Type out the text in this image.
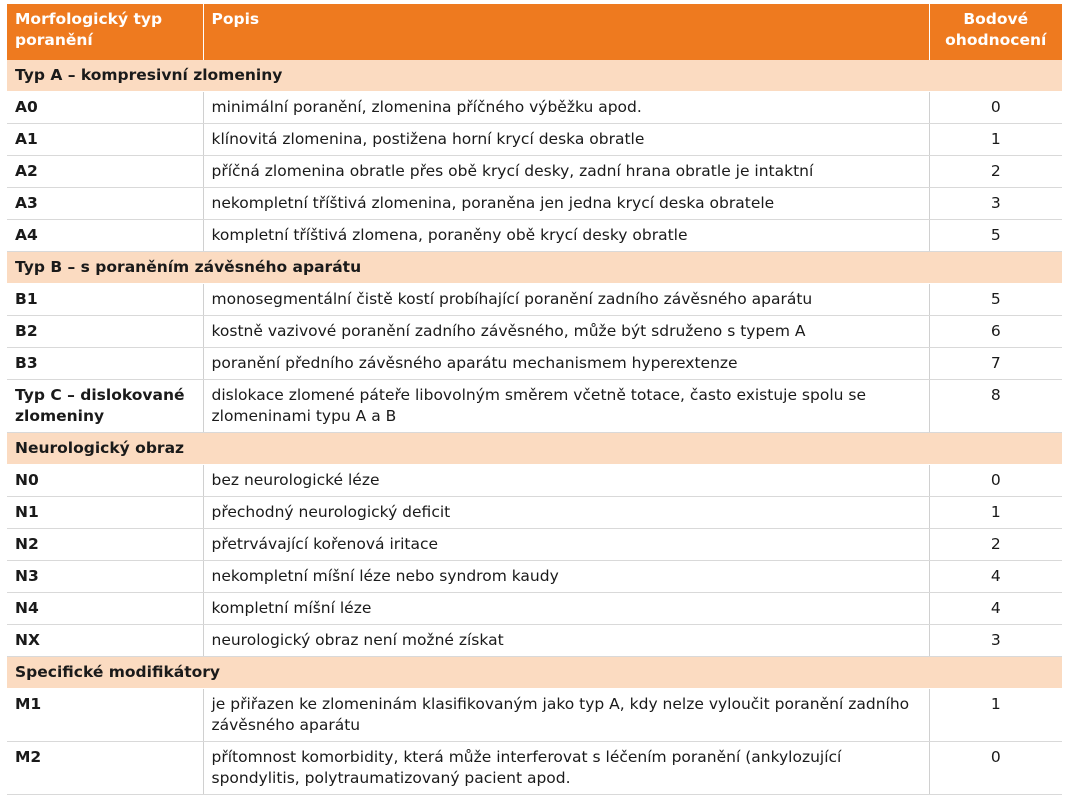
Morfologický typ poranění	Popis	Bodové ohodnocení
Typ A – kompresivní zlomeniny		
A0	minimální poranění, zlomenina příčného výběžku apod.	0
A1	klínovitá zlomenina, postižena horní krycí deska obratle	1
A2	příčná zlomenina obratle přes obě krycí desky, zadní hrana obratle je intaktní	2
A3	nekompletní tříštivá zlomenina, poraněna jen jedna krycí deska obratele	3
A4	kompletní tříštivá zlomena, poraněny obě krycí desky obratle	5
Typ B – s poraněním závěsného aparátu		
B1	monosegmentální čistě kostí probíhající poranění zadního závěsného aparátu	5
B2	kostně vazivové poranění zadního závěsného, může být sdruženo s typem A	6
B3	poranění předního závěsného aparátu mechanismem hyperextenze	7
Typ C – dislokované zlomeniny	dislokace zlomené páteře libovolným směrem včetně totace, často existuje spolu se zlomeninami typu A a B	8
Neurologický obraz		
N0	bez neurologické léze	0
N1	přechodný neurologický deficit	1
N2	přetrvávající kořenová iritace	2
N3	nekompletní míšní léze nebo syndrom kaudy	4
N4	kompletní míšní léze	4
NX	neurologický obraz není možné získat	3
Specifické modifikátory		
M1	je přiřazen ke zlomeninám klasifikovaným jako typ A, kdy nelze vyloučit poranění zadního závěsného aparátu	1
M2	přítomnost komorbidity, která může interferovat s léčením poranění (ankylozující spondylitis, polytraumatizovaný pacient apod.	0
